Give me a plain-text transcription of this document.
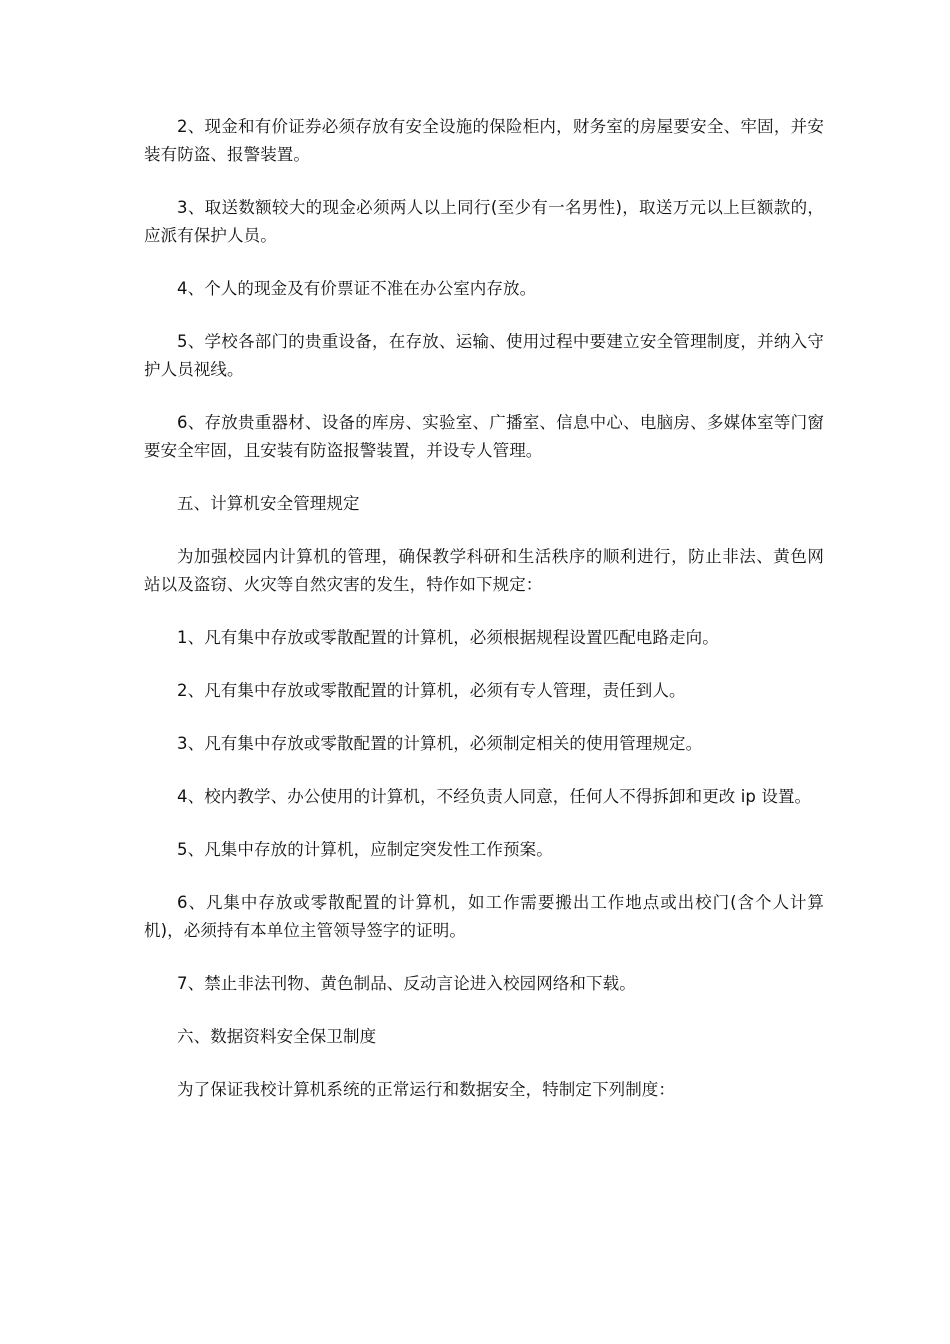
2、现金和有价证券必须存放有安全设施的保险柜内，财务室的房屋要安全、牢固，并安装有防盗、报警装置。

3、取送数额较大的现金必须两人以上同行(至少有一名男性)，取送万元以上巨额款的，应派有保护人员。

4、个人的现金及有价票证不准在办公室内存放。

5、学校各部门的贵重设备，在存放、运输、使用过程中要建立安全管理制度，并纳入守护人员视线。

6、存放贵重器材、设备的库房、实验室、广播室、信息中心、电脑房、多媒体室等门窗要安全牢固，且安装有防盗报警装置，并设专人管理。

五、计算机安全管理规定

为加强校园内计算机的管理，确保教学科研和生活秩序的顺利进行，防止非法、黄色网站以及盗窃、火灾等自然灾害的发生，特作如下规定：

1、凡有集中存放或零散配置的计算机，必须根据规程设置匹配电路走向。

2、凡有集中存放或零散配置的计算机，必须有专人管理，责任到人。

3、凡有集中存放或零散配置的计算机，必须制定相关的使用管理规定。

4、校内教学、办公使用的计算机，不经负责人同意，任何人不得拆卸和更改 ip 设置。

5、凡集中存放的计算机，应制定突发性工作预案。

6、凡集中存放或零散配置的计算机，如工作需要搬出工作地点或出校门(含个人计算机)，必须持有本单位主管领导签字的证明。

7、禁止非法刊物、黄色制品、反动言论进入校园网络和下载。

六、数据资料安全保卫制度

为了保证我校计算机系统的正常运行和数据安全，特制定下列制度：
